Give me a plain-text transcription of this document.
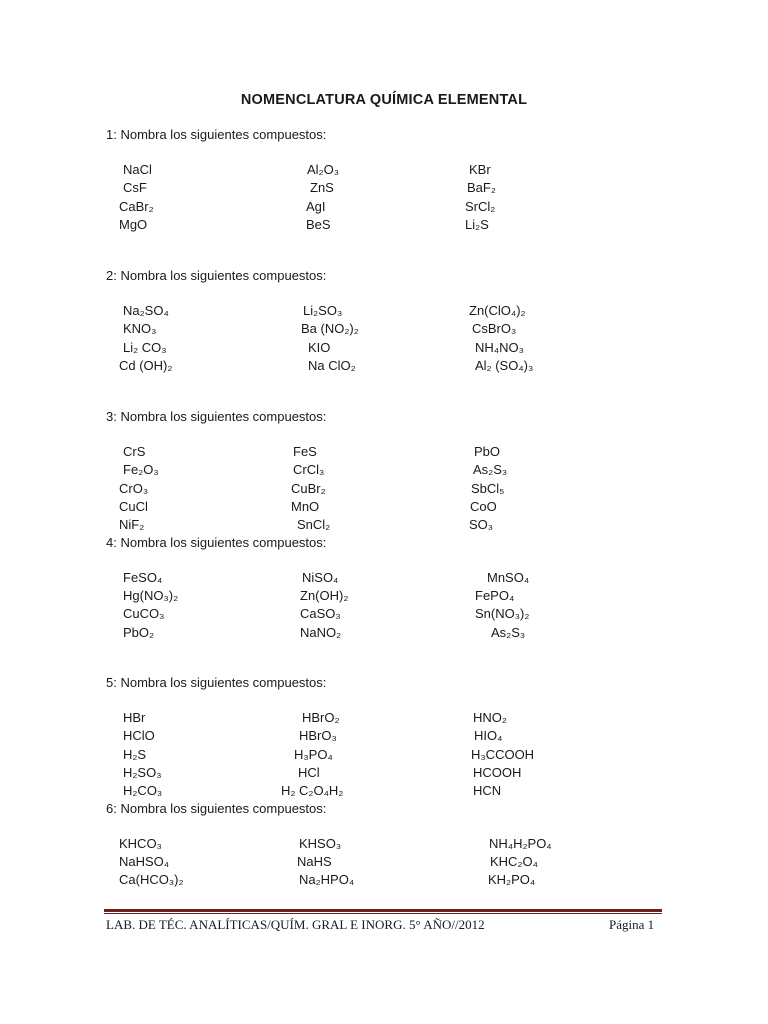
NOMENCLATURA QUÍMICA ELEMENTAL
1: Nombra los siguientes compuestos:
NaCl	Al₂O₃	KBr
CsF	ZnS	BaF₂
CaBr₂	AgI	SrCl₂
MgO	BeS	Li₂S
2: Nombra los siguientes compuestos:
Na₂SO₄	Li₂SO₃	Zn(ClO₄)₂
KNO₃	Ba (NO₂)₂	CsBrO₃
Li₂ CO₃	KIO	NH₄NO₃
Cd (OH)₂	Na ClO₂	Al₂ (SO₄)₃
3: Nombra los siguientes compuestos:
CrS	FeS	PbO
Fe₂O₃	CrCl₃	As₂S₃
CrO₃	CuBr₂	SbCl₅
CuCl	MnO	CoO
NiF₂	SnCl₂	SO₃
4: Nombra los siguientes compuestos:
FeSO₄	NiSO₄	MnSO₄
Hg(NO₃)₂	Zn(OH)₂	FePO₄
CuCO₃	CaSO₃	Sn(NO₃)₂
PbO₂	NaNO₂	As₂S₃
5: Nombra los siguientes compuestos:
HBr	HBrO₂	HNO₂
HClO	HBrO₃	HIO₄
H₂S	H₃PO₄	H₃CCOOH
H₂SO₃	HCl	HCOOH
H₂CO₃	H₂ C₂O₄H₂	HCN
6: Nombra los siguientes compuestos:
KHCO₃	KHSO₃	NH₄H₂PO₄
NaHSO₄	NaHS	KHC₂O₄
Ca(HCO₃)₂	Na₂HPO₄	KH₂PO₄
LAB. DE TÉC. ANALÍTICAS/QUÍM. GRAL E INORG. 5° AÑO//2012	Página 1
